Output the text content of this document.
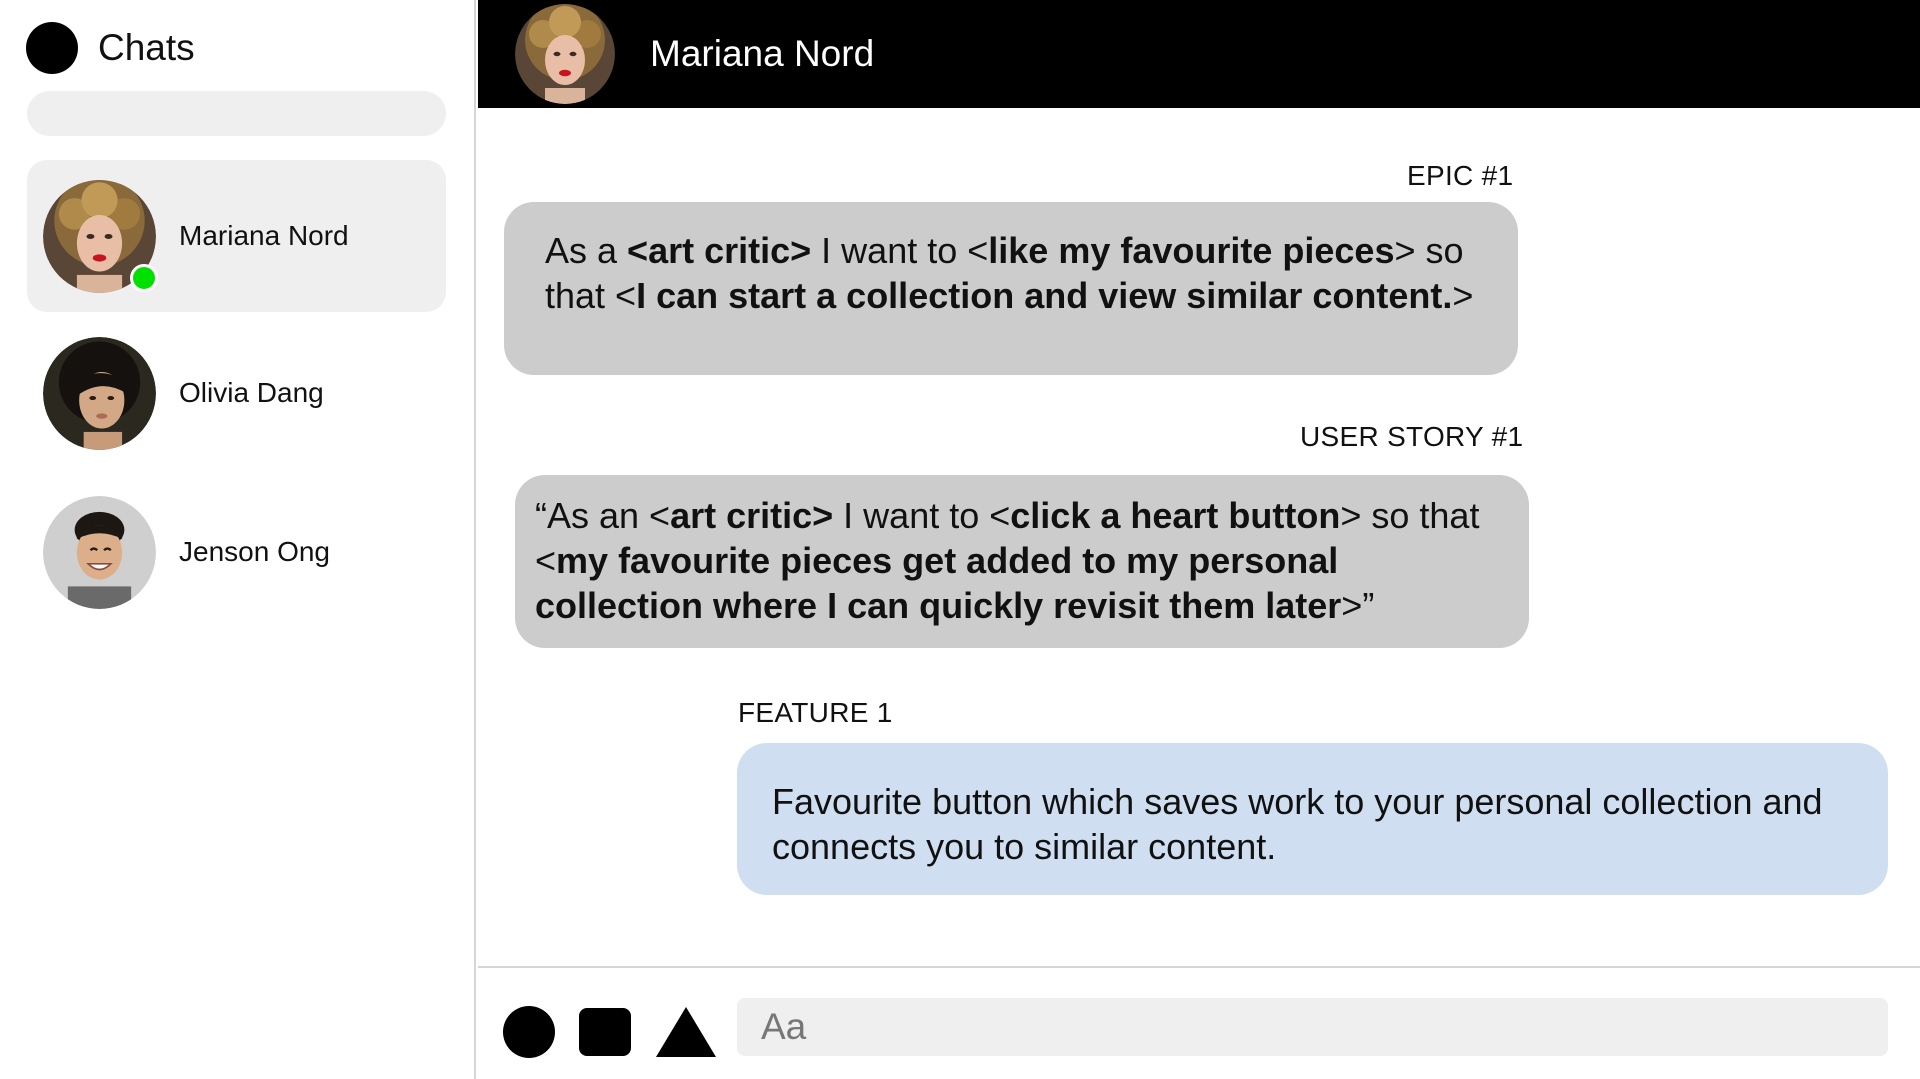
Chats
Mariana Nord
Olivia Dang
Jenson Ong
Mariana Nord
EPIC #1
As a <art critic> I want to <like my favourite pieces> so that <I can start a collection and view similar content.>
USER STORY #1
“As an <art critic> I want to <click a heart button> so that <my favourite pieces get added to my personal collection where I can quickly revisit them later>”
FEATURE 1
Favourite button which saves work to your personal collection and connects you to similar content.
Aa
